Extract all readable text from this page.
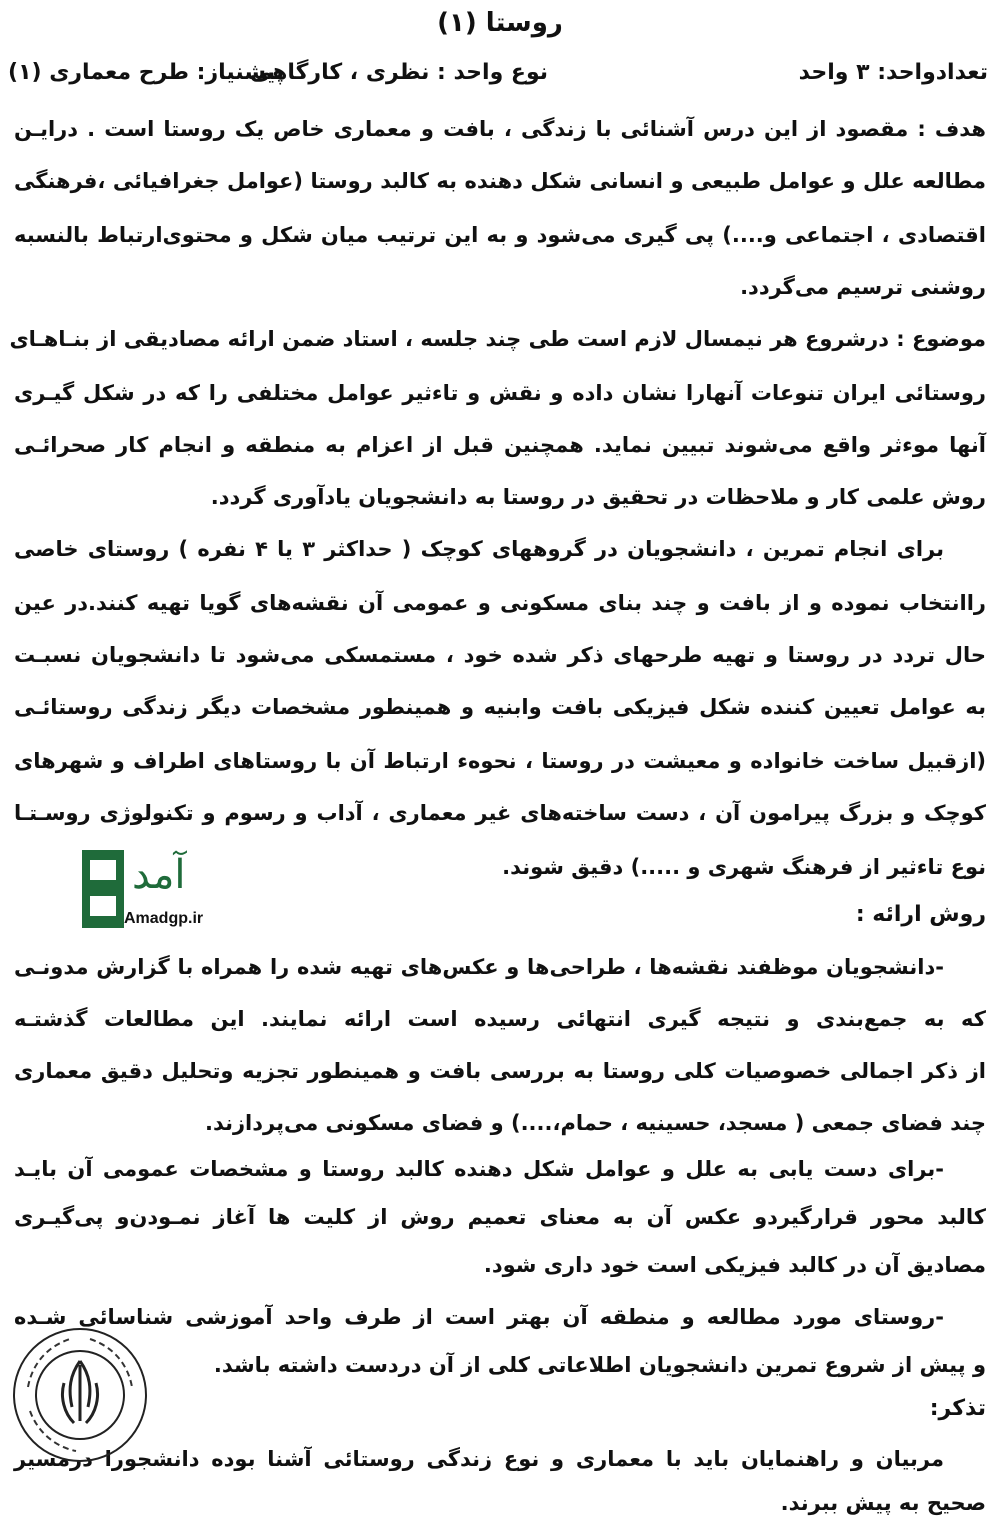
روستا (۱)
تعدادواحد: ۳ واحد
نوع واحد : نظری ، کارگاهی
پیشنیاز: طرح معماری (۱)
هدف : مقصود از این درس آشنائی با زندگی ، بافت و معماری خاص یک روستا است . درایـن
مطالعه علل و عوامل طبیعی و انسانی شکل دهنده به کالبد روستا (عوامل جغرافیائی ،فرهنگی
اقتصادی ، اجتماعی و....) پی گیری می‌شود و به این ترتیب میان شکل و محتوی‌ارتباط بالنسبه
روشنی ترسیم می‌گردد.
موضوع : درشروع هر نیمسال لازم است طی چند جلسه ، استاد ضمن ارائه مصادیقی از بنـاهـای
روستائی ایران تنوعات آنهارا نشان داده و نقش و تاءثیر عوامل مختلفی را که در شکل گیـری
آنها موءثر واقع می‌شوند تبیین نماید. همچنین قبل از اعزام به منطقه و انجام کار صحرائـی
روش علمی کار و ملاحظات در تحقیق در روستا به دانشجویان یادآوری گردد.
برای انجام تمرین ، دانشجویان در گروههای کوچک ( حداکثر ۳ یا ۴ نفره ) روستای خاصی
راانتخاب نموده و از بافت و چند بنای مسکونی و عمومی آن نقشه‌های گویا تهیه کنند.در عین
حال تردد در روستا و تهیه طرحهای ذکر شده خود ، مستمسکی می‌شود تا دانشجویان نسبـت
به عوامل تعیین کننده شکل فیزیکی بافت وابنیه و همینطور مشخصات دیگر زندگی روستائـی
(ازقبیل ساخت خانواده و معیشت در روستا ، نحوهء ارتباط آن با روستاهای اطراف و شهرهای
کوچک و بزرگ پیرامون آن ، دست ساخته‌های غیر معماری ، آداب و رسوم و تکنولوژی روسـتـا
نوع تاءثیر از فرهنگ شهری و .....) دقیق شوند.
روش ارائه :
-دانشجویان موظفند نقشه‌ها ، طراحی‌ها و عکس‌های تهیه شده را همراه با گزارش مدونـی
که به جمع‌بندی و نتیجه گیری انتهائی رسیده است ارائه نمایند. این مطالعات گذشتـه
از ذکر اجمالی خصوصیات کلی روستا به بررسی بافت و همینطور تجزیه وتحلیل دقیق معماری
چند فضای جمعی ( مسجد، حسینیه ، حمام،....) و فضای مسکونی می‌پردازند.
-برای دست یابی به علل و عوامل شکل دهنده کالبد روستا و مشخصات عمومی آن بایـد
کالبد محور قرارگیردو عکس آن به معنای تعمیم روش از کلیت ها آغاز نمـودن‌و پی‌گیـری
مصادیق آن در کالبد فیزیکی است خود داری شود.
-روستای مورد مطالعه و منطقه آن بهتر است از طرف واحد آموزشی شناسائی شـده
و پیش از شروع تمرین دانشجویان اطلاعاتی کلی از آن دردست داشته باشد.
تذکر:
مربیان و راهنمایان باید با معماری و نوع زندگی روستائی آشنا بوده دانشجورا درمسیر
صحیح به پیش ببرند.
آمد
Amadgp.ir
